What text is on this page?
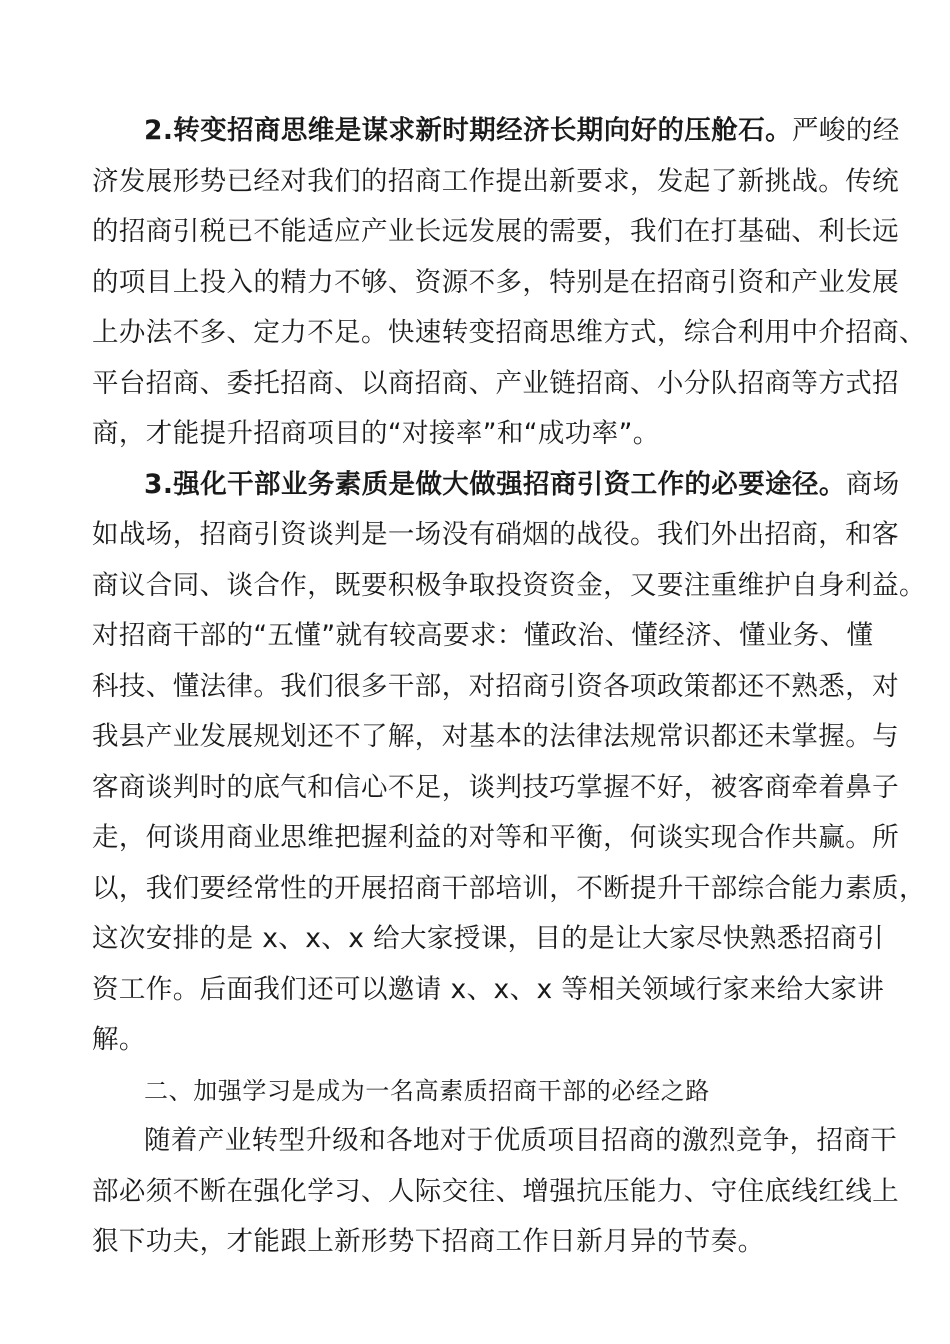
2.转变招商思维是谋求新时期经济长期向好的压舱石。严峻的经
济发展形势已经对我们的招商工作提出新要求，发起了新挑战。传统
的招商引税已不能适应产业长远发展的需要，我们在打基础、利长远
的项目上投入的精力不够、资源不多，特别是在招商引资和产业发展
上办法不多、定力不足。快速转变招商思维方式，综合利用中介招商、
平台招商、委托招商、以商招商、产业链招商、小分队招商等方式招
商，才能提升招商项目的“对接率”和“成功率”。
3.强化干部业务素质是做大做强招商引资工作的必要途径。商场
如战场，招商引资谈判是一场没有硝烟的战役。我们外出招商，和客
商议合同、谈合作，既要积极争取投资资金，又要注重维护自身利益。
对招商干部的“五懂”就有较高要求：懂政治、懂经济、懂业务、懂
科技、懂法律。我们很多干部，对招商引资各项政策都还不熟悉，对
我县产业发展规划还不了解，对基本的法律法规常识都还未掌握。与
客商谈判时的底气和信心不足，谈判技巧掌握不好，被客商牵着鼻子
走，何谈用商业思维把握利益的对等和平衡，何谈实现合作共赢。所
以，我们要经常性的开展招商干部培训，不断提升干部综合能力素质，
这次安排的是 x、x、x 给大家授课，目的是让大家尽快熟悉招商引
资工作。后面我们还可以邀请 x、x、x 等相关领域行家来给大家讲
解。
二、加强学习是成为一名高素质招商干部的必经之路
随着产业转型升级和各地对于优质项目招商的激烈竞争，招商干
部必须不断在强化学习、人际交往、增强抗压能力、守住底线红线上
狠下功夫，才能跟上新形势下招商工作日新月异的节奏。
